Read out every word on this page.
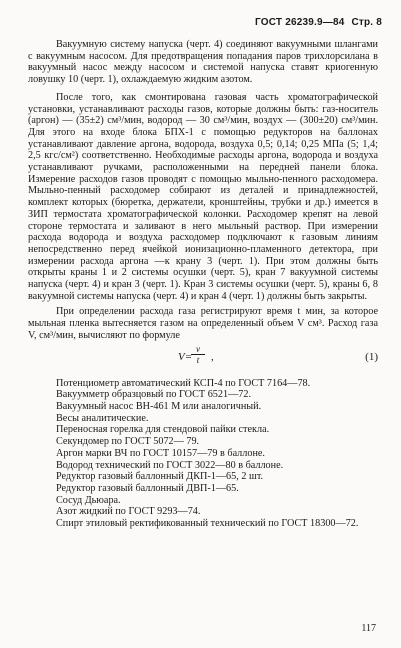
ГОСТ 26239.9—84 Стр. 8

Вакуумную систему напуска (черт. 4) соединяют вакуумными шлангами с вакуумным насосом. Для предотвращения попадания паров трихлорсилана в вакуумный насос между насосом и системой напуска ставят криогенную ловушку 10 (черт. 1), охлаждаемую жидким азотом.

После того, как смонтирована газовая часть хроматографической установки, устанавливают расходы газов, которые должны быть: газ-носитель (аргон) — (35±2) см³/мин, водород — 30 см³/мин, воздух — (300±20) см³/мин. Для этого на входе блока БПХ-1 с помощью редукторов на баллонах устанавливают давление аргона, водорода, воздуха 0,5; 0,14; 0,25 МПа (5; 1,4; 2,5 кгс/см²) соответственно. Необходимые расходы аргона, водорода и воздуха устанавливают ручками, расположенными на передней панели блока. Измерение расходов газов проводят с помощью мыльно-пенного расходомера. Мыльно-пенный расходомер собирают из деталей и принадлежностей, комплект которых (бюретка, держатели, кронштейны, трубки и др.) имеется в ЗИП термостата хроматографической колонки. Расходомер крепят на левой стороне термостата и заливают в него мыльный раствор. При измерении расхода водорода и воздуха расходомер подключают к газовым линиям непосредственно перед ячейкой ионизационно-пламенного детектора, при измерении расхода аргона —к крану 3 (черт. 1). При этом должны быть открыты краны 1 и 2 системы осушки (черт. 5), кран 7 вакуумной системы напуска (черт. 4) и кран 3 (черт. 1). Кран 3 системы осушки (черт. 5), краны 6, 8 вакуумной системы напуска (черт. 4) и кран 4 (черт. 1) должны быть закрыты.

При определении расхода газа регистрируют время t мин, за которое мыльная пленка вытесняется газом на определенный объем V см³. Расход газа V, см³/мин, вычисляют по формуле

V=
$\frac{v}{t}$ ,	(1)

Потенциометр автоматический КСП-4 по ГОСТ 7164—78.

Вакуумметр образцовый по ГОСТ 6521—72.

Вакуумный насос ВН-461 М или аналогичный.

Весы аналитические.

Переносная горелка для стендовой пайки стекла.

Секундомер по ГОСТ 5072— 79.

Аргон марки ВЧ по ГОСТ 10157—79 в баллоне.

Водород технический по ГОСТ 3022—80 в баллоне.

Редуктор газовый баллонный ДКП-1—65, 2 шт.

Редуктор газовый баллонный ДВП-1—65.

Сосуд Дьюара.

Азот жидкий по ГОСТ 9293—74.

Спирт этиловый ректификованный технический по ГОСТ 18300—72.

117
